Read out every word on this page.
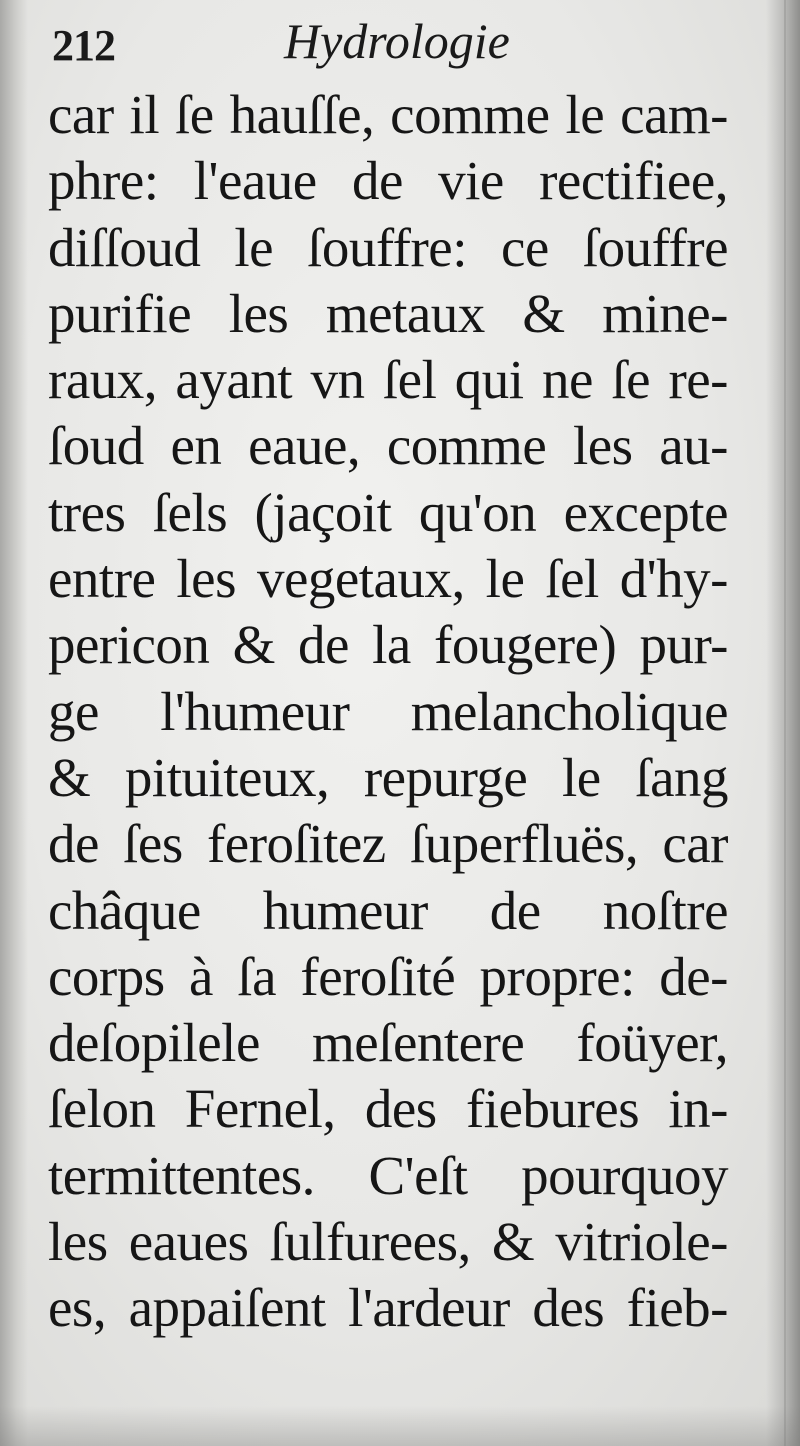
212	Hydrologie
car il ſe hauſſe, comme le cam-
phre: l'eaue de vie rectifiee,
diſſoud le ſouffre: ce ſouffre
purifie les metaux & mine-
raux, ayant vn ſel qui ne ſe re-
ſoud en eaue, comme les au-
tres ſels (jaçoit qu'on excepte
entre les vegetaux, le ſel d'hy-
pericon & de la fougere) pur-
ge l'humeur melancholique
& pituiteux, repurge le ſang
de ſes feroſitez ſuperfluës, car
châque humeur de noſtre
corps à ſa feroſité propre: de-
deſopilele meſentere foüyer,
ſelon Fernel, des fiebures in-
termittentes. C'eſt pourquoy
les eaues ſulfurees, & vitriole-
es, appaiſent l'ardeur des fieb-
